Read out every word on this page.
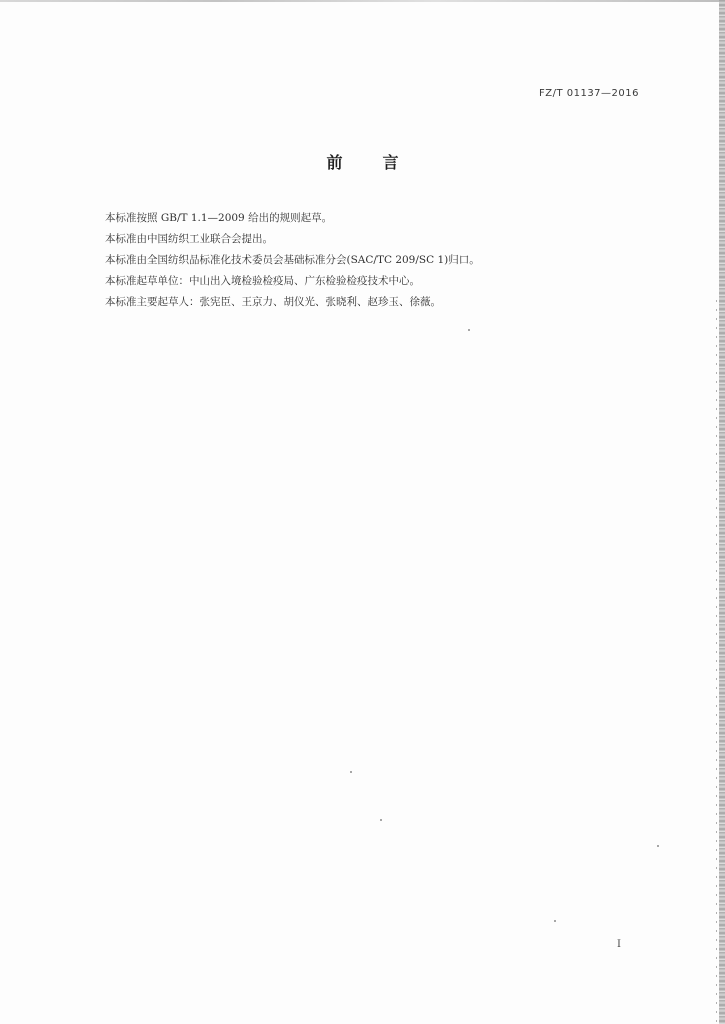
FZ/T 01137—2016
前	言
本标准按照 GB/T 1.1—2009 给出的规则起草。
本标准由中国纺织工业联合会提出。
本标准由全国纺织品标准化技术委员会基础标准分会(SAC/TC 209/SC 1)归口。
本标准起草单位：中山出入境检验检疫局、广东检验检疫技术中心。
本标准主要起草人：张宪臣、王京力、胡仪光、张晓利、赵珍玉、徐薇。
I
